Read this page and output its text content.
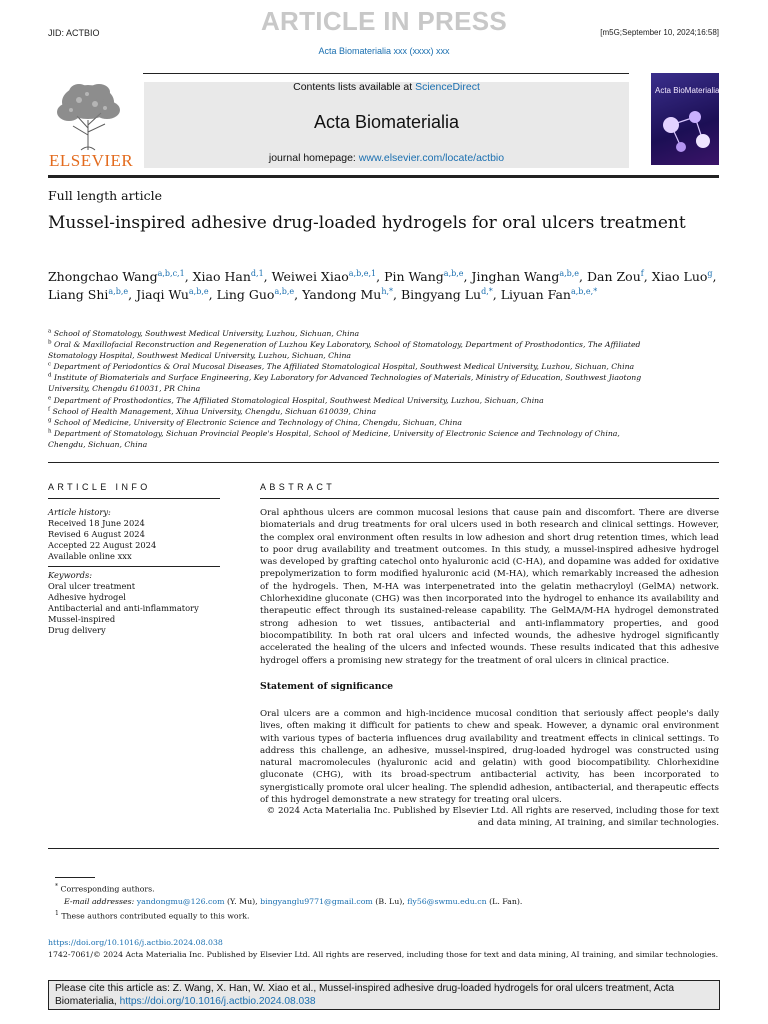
ARTICLE IN PRESS
JID: ACTBIO	[m5G;September 10, 2024;16:58]
Acta Biomaterialia xxx (xxxx) xxx
ELSEVIER
Contents lists available at ScienceDirect
Acta Biomaterialia
journal homepage: www.elsevier.com/locate/actbio
Acta BioMaterialia
Full length article
Mussel-inspired adhesive drug-loaded hydrogels for oral ulcers treatment
Zhongchao Wang$^{a,b,c,1}$, Xiao Han$^{d,1}$, Weiwei Xiao$^{a,b,e,1}$, Pin Wang$^{a,b,e}$, Jinghan Wang$^{a,b,e}$, Dan Zou$^f$, Xiao Luo$^g$, Liang Shi$^{a,b,e}$, Jiaqi Wu$^{a,b,e}$, Ling Guo$^{a,b,e}$, Yandong $Mu^{h,*}$, Bingyang $Lu^{d,*}$, Liyuan Fan$^{a,b,e,*}$
$^a$ School of Stomatology, Southwest Medical University, Luzhou, Sichuan, China
$^b$ Oral & Maxillofacial Reconstruction and Regeneration of Luzhou Key Laboratory, School of Stomatology, Department of Prosthodontics, The Affiliated Stomatology Hospital, Southwest Medical University, Luzhou, Sichuan, China
$^c$ Department of Periodontics & Oral Mucosal Diseases, The Affiliated Stomatological Hospital, Southwest Medical University, Luzhou, Sichuan, China
$^d$ Institute of Biomaterials and Surface Engineering, Key Laboratory for Advanced Technologies of Materials, Ministry of Education, Southwest Jiaotong University, Chengdu 610031, PR China
$^e$ Department of Prosthodontics, The Affiliated Stomatological Hospital, Southwest Medical University, Luzhou, Sichuan, China
$^f$ School of Health Management, Xihua University, Chengdu, Sichuan 610039, China
$^g$ School of Medicine, University of Electronic Science and Technology of China, Chengdu, Sichuan, China
$^h$ Department of Stomatology, Sichuan Provincial People's Hospital, School of Medicine, University of Electronic Science and Technology of China, Chengdu, Sichuan, China
ARTICLE INFO
Article history:
Received 18 June 2024
Revised 6 August 2024
Accepted 22 August 2024
Available online xxx
Keywords:
Oral ulcer treatment
Adhesive hydrogel
Antibacterial and anti-inflammatory
Mussel-inspired
Drug delivery
ABSTRACT
Oral aphthous ulcers are common mucosal lesions that cause pain and discomfort. There are diverse biomaterials and drug treatments for oral ulcers used in both research and clinical settings. However, the complex oral environment often results in low adhesion and short drug retention times, which lead to poor drug availability and treatment outcomes. In this study, a mussel-inspired adhesive hydrogel was developed by grafting catechol onto hyaluronic acid (C-HA), and dopamine was added for oxidative prepolymerization to form modified hyaluronic acid (M-HA), which remarkably increased the adhesion of the hydrogels. Then, M-HA was interpenetrated into the gelatin methacryloyl (GelMA) network. Chlorhexidine gluconate (CHG) was then incorporated into the hydrogel to enhance its availability and therapeutic effect through its sustained-release capability. The GelMA/M-HA hydrogel demonstrated strong adhesion to wet tissues, antibacterial and anti-inflammatory properties, and good biocompatibility. In both rat oral ulcers and infected wounds, the adhesive hydrogel significantly accelerated the healing of the ulcers and infected wounds. These results indicated that this adhesive hydrogel offers a promising new strategy for the treatment of oral ulcers in clinical practice.
Statement of significance
Oral ulcers are a common and high-incidence mucosal condition that seriously affect people's daily lives, often making it difficult for patients to chew and speak. However, a dynamic oral environment with various types of bacteria influences drug availability and treatment effects in clinical settings. To address this challenge, an adhesive, mussel-inspired, drug-loaded hydrogel was constructed using natural macromolecules (hyaluronic acid and gelatin) with good biocompatibility. Chlorhexidine gluconate (CHG), with its broad-spectrum antibacterial activity, has been incorporated to synergistically promote oral ulcer healing. The splendid adhesion, antibacterial, and therapeutic effects of this hydrogel demonstrate a new strategy for treating oral ulcers.
© 2024 Acta Materialia Inc. Published by Elsevier Ltd. All rights are reserved, including those for text and data mining, AI training, and similar technologies.
* Corresponding authors.
E-mail addresses: yandongmu@126.com (Y. Mu), bingyanglu9771@gmail.com (B. Lu), fly56@swmu.edu.cn (L. Fan).
$^1$ These authors contributed equally to this work.
https://doi.org/10.1016/j.actbio.2024.08.038
1742-7061/© 2024 Acta Materialia Inc. Published by Elsevier Ltd. All rights are reserved, including those for text and data mining, AI training, and similar technologies.
Please cite this article as: Z. Wang, X. Han, W. Xiao et al., Mussel-inspired adhesive drug-loaded hydrogels for oral ulcers treatment, Acta Biomaterialia, https://doi.org/10.1016/j.actbio.2024.08.038
